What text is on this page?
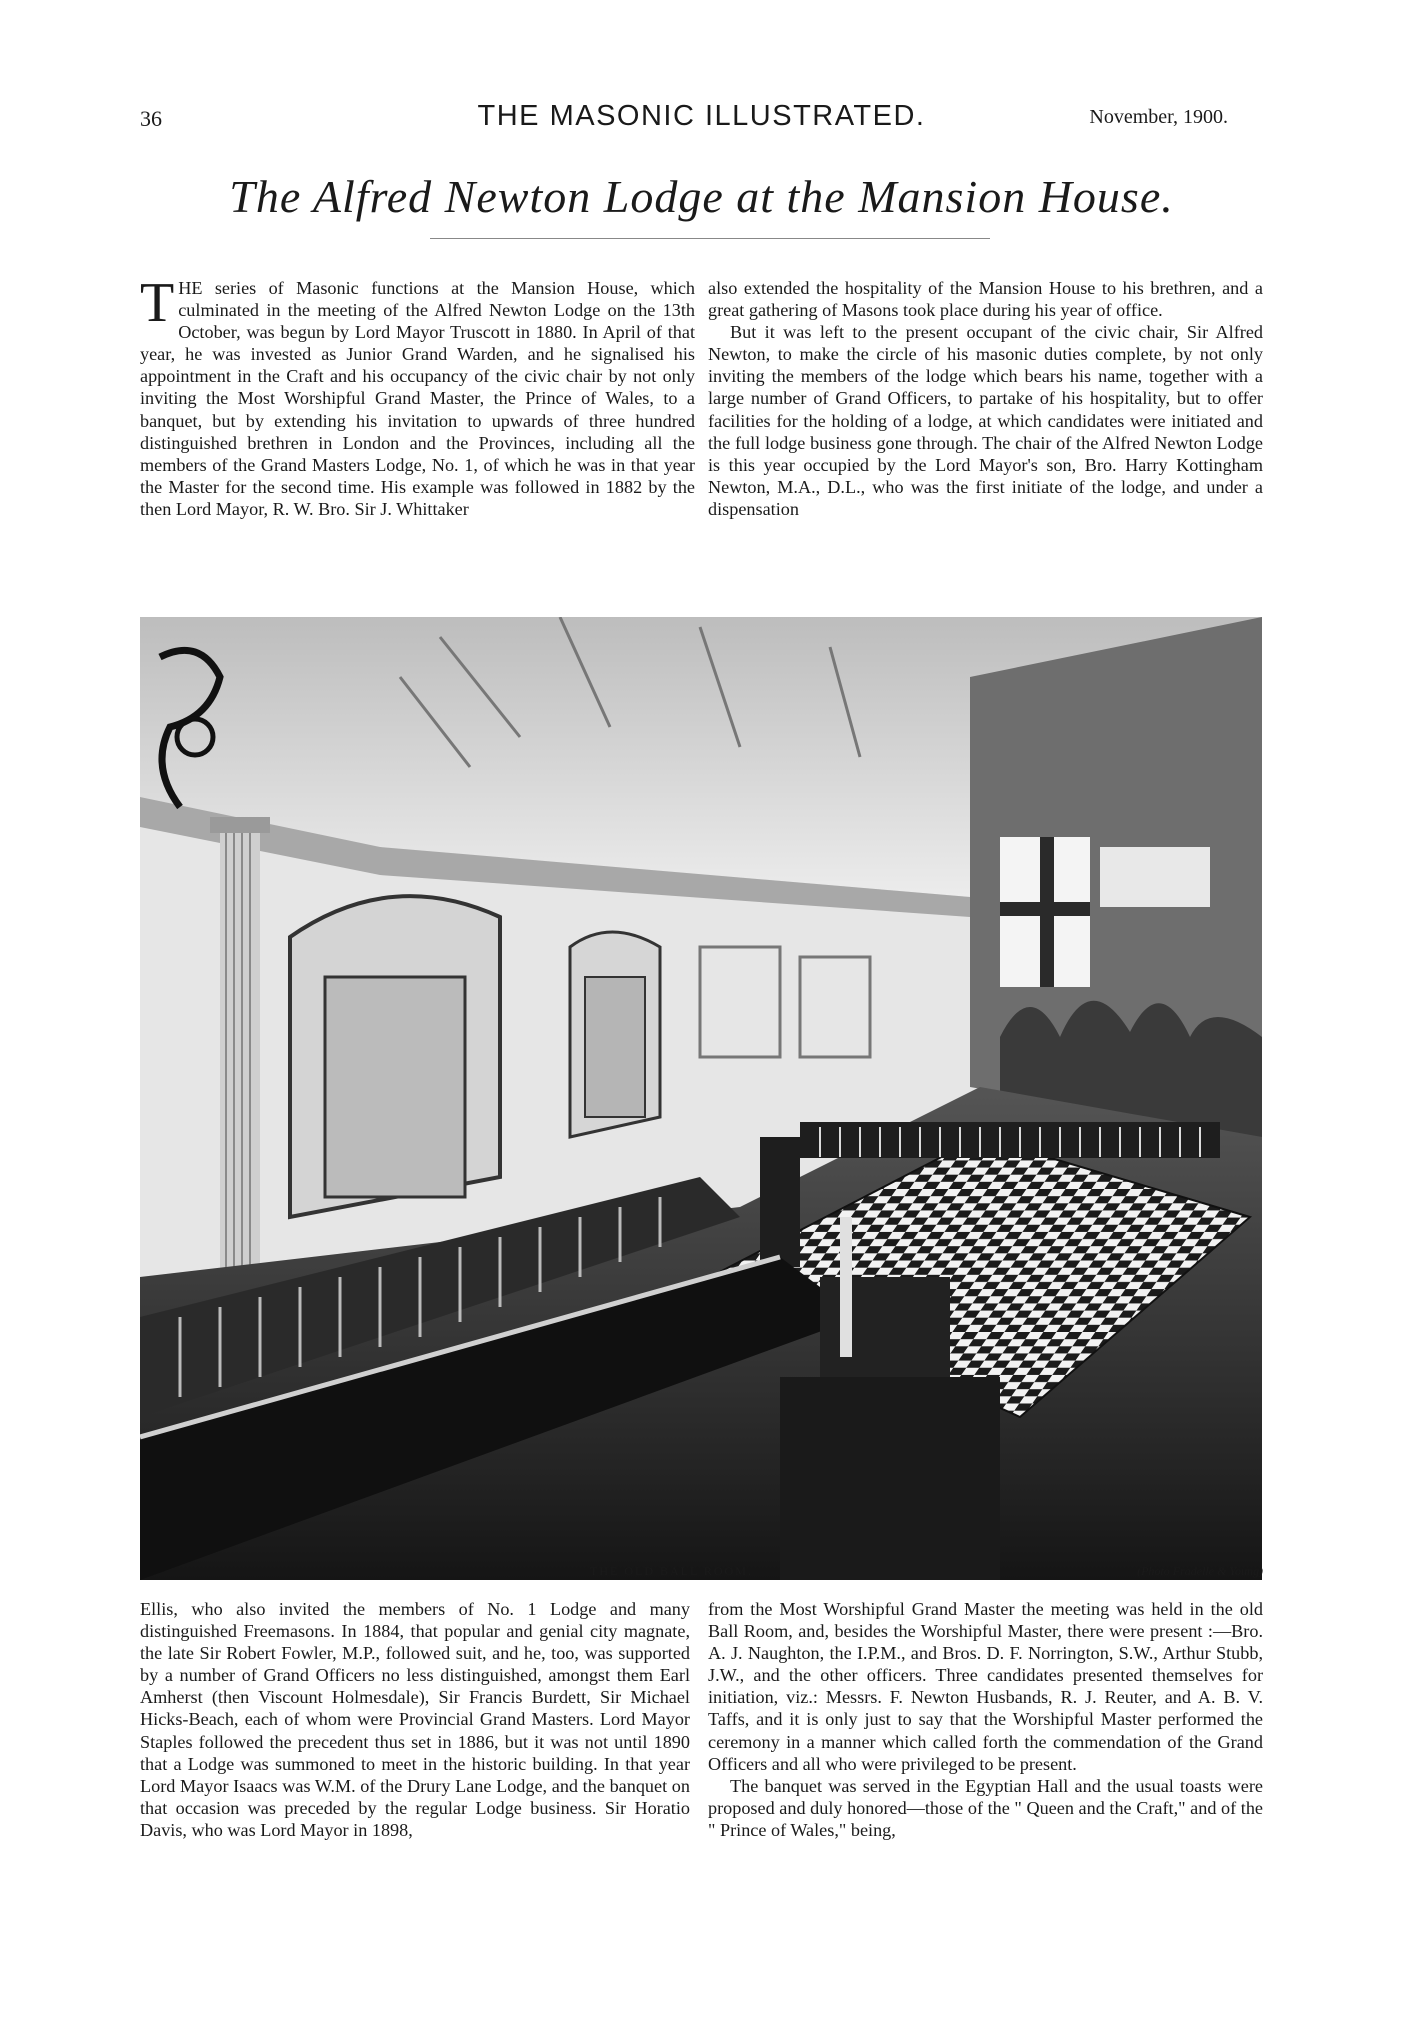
36	THE MASONIC ILLUSTRATED.	November, 1900.
The Alfred Newton Lodge at the Mansion House.

THE series of Masonic functions at the Mansion House, which culminated in the meeting of the Alfred Newton Lodge on the 13th October, was begun by Lord Mayor Truscott in 1880. In April of that year, he was invested as Junior Grand Warden, and he signalised his appointment in the Craft and his occupancy of the civic chair by not only inviting the Most Worshipful Grand Master, the Prince of Wales, to a banquet, but by extending his invitation to upwards of three hundred distinguished brethren in London and the Provinces, including all the members of the Grand Masters Lodge, No. 1, of which he was in that year the Master for the second time. His example was followed in 1882 by the then Lord Mayor, R. W. Bro. Sir J. Whittaker

also extended the hospitality of the Mansion House to his brethren, and a great gathering of Masons took place during his year of office.

But it was left to the present occupant of the civic chair, Sir Alfred Newton, to make the circle of his masonic duties complete, by not only inviting the members of the lodge which bears his name, together with a large number of Grand Officers, to partake of his hospitality, but to offer facilities for the holding of a lodge, at which candidates were initiated and the full lodge business gone through. The chair of the Alfred Newton Lodge is this year occupied by the Lord Mayor's son, Bro. Harry Kottingham Newton, M.A., D.L., who was the first initiate of the lodge, and under a dispensation

THE OLD BALL ROOM.	(Photo Fradelle & Young)

Ellis, who also invited the members of No. 1 Lodge and many distinguished Freemasons. In 1884, that popular and genial city magnate, the late Sir Robert Fowler, M.P., followed suit, and he, too, was supported by a number of Grand Officers no less distinguished, amongst them Earl Amherst (then Viscount Holmesdale), Sir Francis Burdett, Sir Michael Hicks-Beach, each of whom were Provincial Grand Masters. Lord Mayor Staples followed the precedent thus set in 1886, but it was not until 1890 that a Lodge was summoned to meet in the historic building. In that year Lord Mayor Isaacs was W.M. of the Drury Lane Lodge, and the banquet on that occasion was preceded by the regular Lodge business. Sir Horatio Davis, who was Lord Mayor in 1898,

from the Most Worshipful Grand Master the meeting was held in the old Ball Room, and, besides the Worshipful Master, there were present :—Bro. A. J. Naughton, the I.P.M., and Bros. D. F. Norrington, S.W., Arthur Stubb, J.W., and the other officers. Three candidates presented themselves for initiation, viz.: Messrs. F. Newton Husbands, R. J. Reuter, and A. B. V. Taffs, and it is only just to say that the Worshipful Master performed the ceremony in a manner which called forth the commendation of the Grand Officers and all who were privileged to be present.

The banquet was served in the Egyptian Hall and the usual toasts were proposed and duly honored—those of the " Queen and the Craft," and of the " Prince of Wales," being,
